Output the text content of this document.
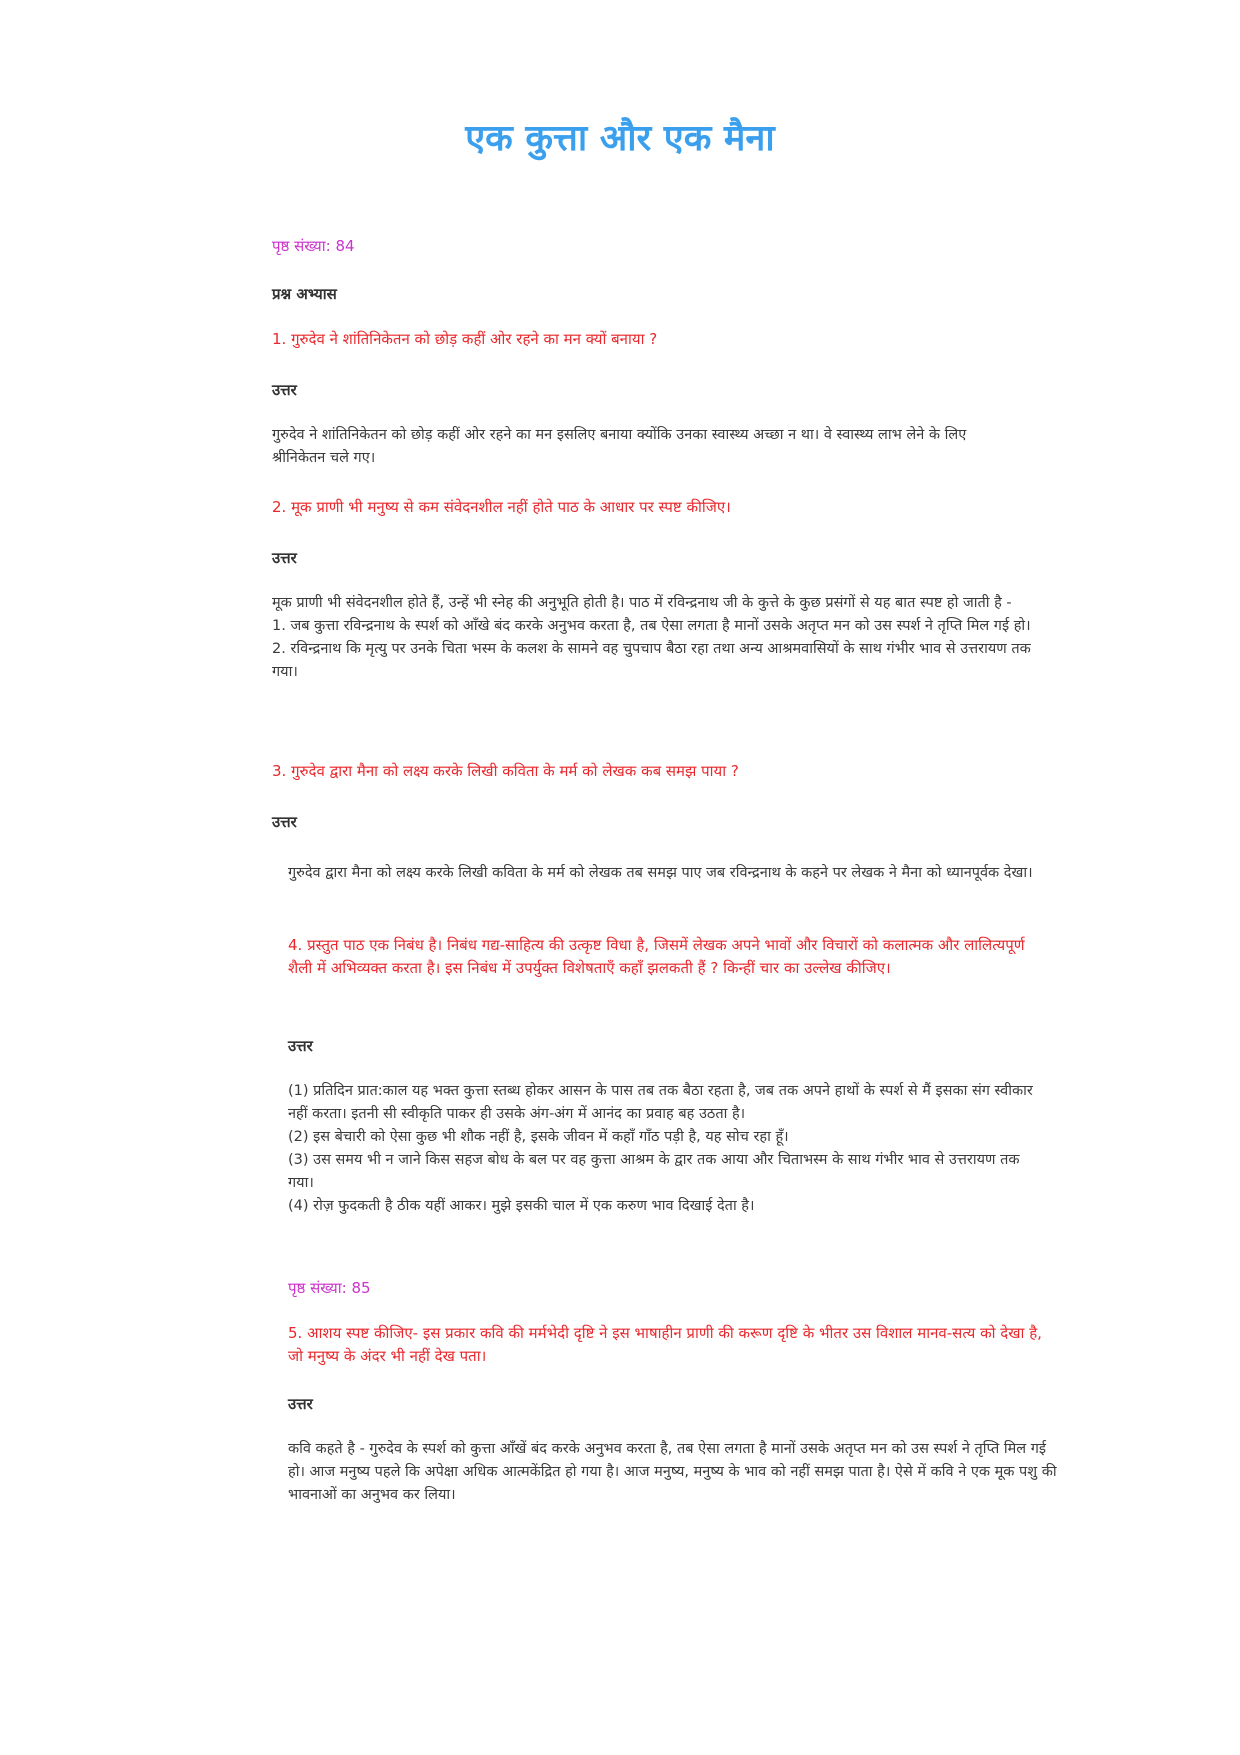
एक कुत्ता और एक मैना

पृष्ठ संख्या: 84

प्रश्न अभ्यास

1. गुरुदेव ने शांतिनिकेतन को छोड़ कहीं ओर रहने का मन क्यों बनाया ?

उत्तर

गुरुदेव ने शांतिनिकेतन को छोड़ कहीं ओर रहने का मन इसलिए बनाया क्योंकि उनका स्वास्थ्य अच्छा न था। वे स्वास्थ्य लाभ लेने के लिए श्रीनिकेतन चले गए।

2. मूक प्राणी भी मनुष्य से कम संवेदनशील नहीं होते पाठ के आधार पर स्पष्ट कीजिए।

उत्तर

मूक प्राणी भी संवेदनशील होते हैं, उन्हें भी स्नेह की अनुभूति होती है। पाठ में रविन्द्रनाथ जी के कुत्ते के कुछ प्रसंगों से यह बात स्पष्ट हो जाती है -
1. जब कुत्ता रविन्द्रनाथ के स्पर्श को आँखे बंद करके अनुभव करता है, तब ऐसा लगता है मानों उसके अतृप्त मन को उस स्पर्श ने तृप्ति मिल गई हो।
2. रविन्द्रनाथ कि मृत्यु पर उनके चिता भस्म के कलश के सामने वह चुपचाप बैठा रहा तथा अन्य आश्रमवासियों के साथ गंभीर भाव से उत्तरायण तक गया।

3. गुरुदेव द्वारा मैना को लक्ष्य करके लिखी कविता के मर्म को लेखक कब समझ पाया ?

उत्तर

गुरुदेव द्वारा मैना को लक्ष्य करके लिखी कविता के मर्म को लेखक तब समझ पाए जब रविन्द्रनाथ के कहने पर लेखक ने मैना को ध्यानपूर्वक देखा।

4. प्रस्तुत पाठ एक निबंध है। निबंध गद्य-साहित्य की उत्कृष्ट विधा है, जिसमें लेखक अपने भावों और विचारों को कलात्मक और लालित्यपूर्ण शैली में अभिव्यक्त करता है। इस निबंध में उपर्युक्त विशेषताएँ कहाँ झलकती हैं ? किन्हीं चार का उल्लेख कीजिए।

उत्तर

(1) प्रतिदिन प्रात:काल यह भक्त कुत्ता स्तब्ध होकर आसन के पास तब तक बैठा रहता है, जब तक अपने हाथों के स्पर्श से मैं इसका संग स्वीकार नहीं करता। इतनी सी स्वीकृति पाकर ही उसके अंग-अंग में आनंद का प्रवाह बह उठता है।
(2) इस बेचारी को ऐसा कुछ भी शौक नहीं है, इसके जीवन में कहाँ गाँठ पड़ी है, यह सोच रहा हूँ।
(3) उस समय भी न जाने किस सहज बोध के बल पर वह कुत्ता आश्रम के द्वार तक आया और चिताभस्म के साथ गंभीर भाव से उत्तरायण तक गया।
(4) रोज़ फुदकती है ठीक यहीं आकर। मुझे इसकी चाल में एक करुण भाव दिखाई देता है।

पृष्ठ संख्या: 85

5. आशय स्पष्ट कीजिए- इस प्रकार कवि की मर्मभेदी दृष्टि ने इस भाषाहीन प्राणी की करूण दृष्टि के भीतर उस विशाल मानव-सत्य को देखा है, जो मनुष्य के अंदर भी नहीं देख पता।

उत्तर

कवि कहते है - गुरुदेव के स्पर्श को कुत्ता आँखें बंद करके अनुभव करता है, तब ऐसा लगता है मानों उसके अतृप्त मन को उस स्पर्श ने तृप्ति मिल गई हो। आज मनुष्य पहले कि अपेक्षा अधिक आत्मकेंद्रित हो गया है। आज मनुष्य, मनुष्य के भाव को नहीं समझ पाता है। ऐसे में कवि ने एक मूक पशु की भावनाओं का अनुभव कर लिया।
